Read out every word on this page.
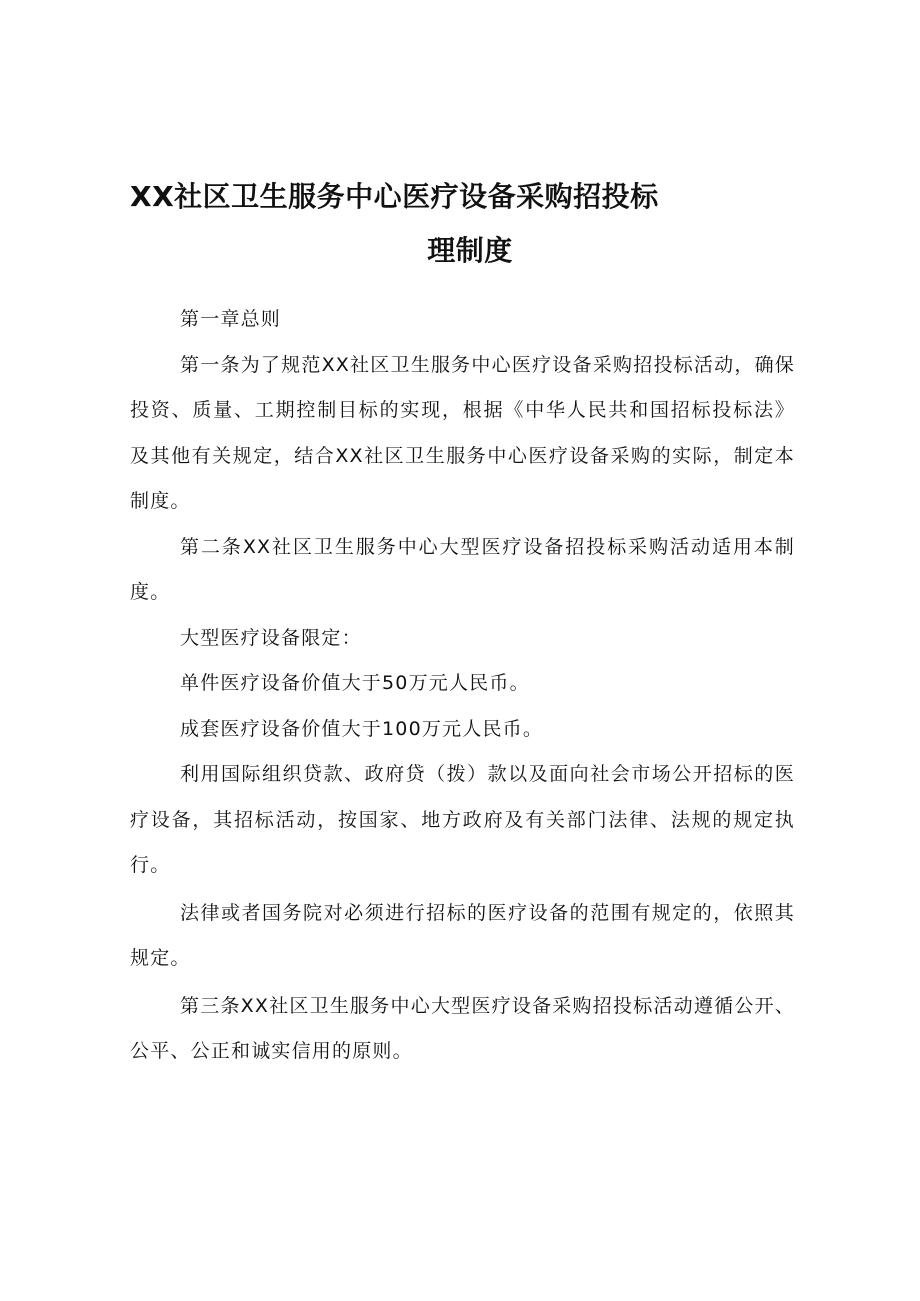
XX社区卫生服务中心医疗设备采购招投标
理制度

第一章总则

第一条为了规范XX社区卫生服务中心医疗设备采购招投标活动，确保投资、质量、工期控制目标的实现，根据《中华人民共和国招标投标法》及其他有关规定，结合XX社区卫生服务中心医疗设备采购的实际，制定本制度。

第二条XX社区卫生服务中心大型医疗设备招投标采购活动适用本制度。

大型医疗设备限定：

单件医疗设备价值大于50万元人民币。

成套医疗设备价值大于100万元人民币。

利用国际组织贷款、政府贷（拨）款以及面向社会市场公开招标的医疗设备，其招标活动，按国家、地方政府及有关部门法律、法规的规定执行。

法律或者国务院对必须进行招标的医疗设备的范围有规定的，依照其规定。

第三条XX社区卫生服务中心大型医疗设备采购招投标活动遵循公开、公平、公正和诚实信用的原则。
